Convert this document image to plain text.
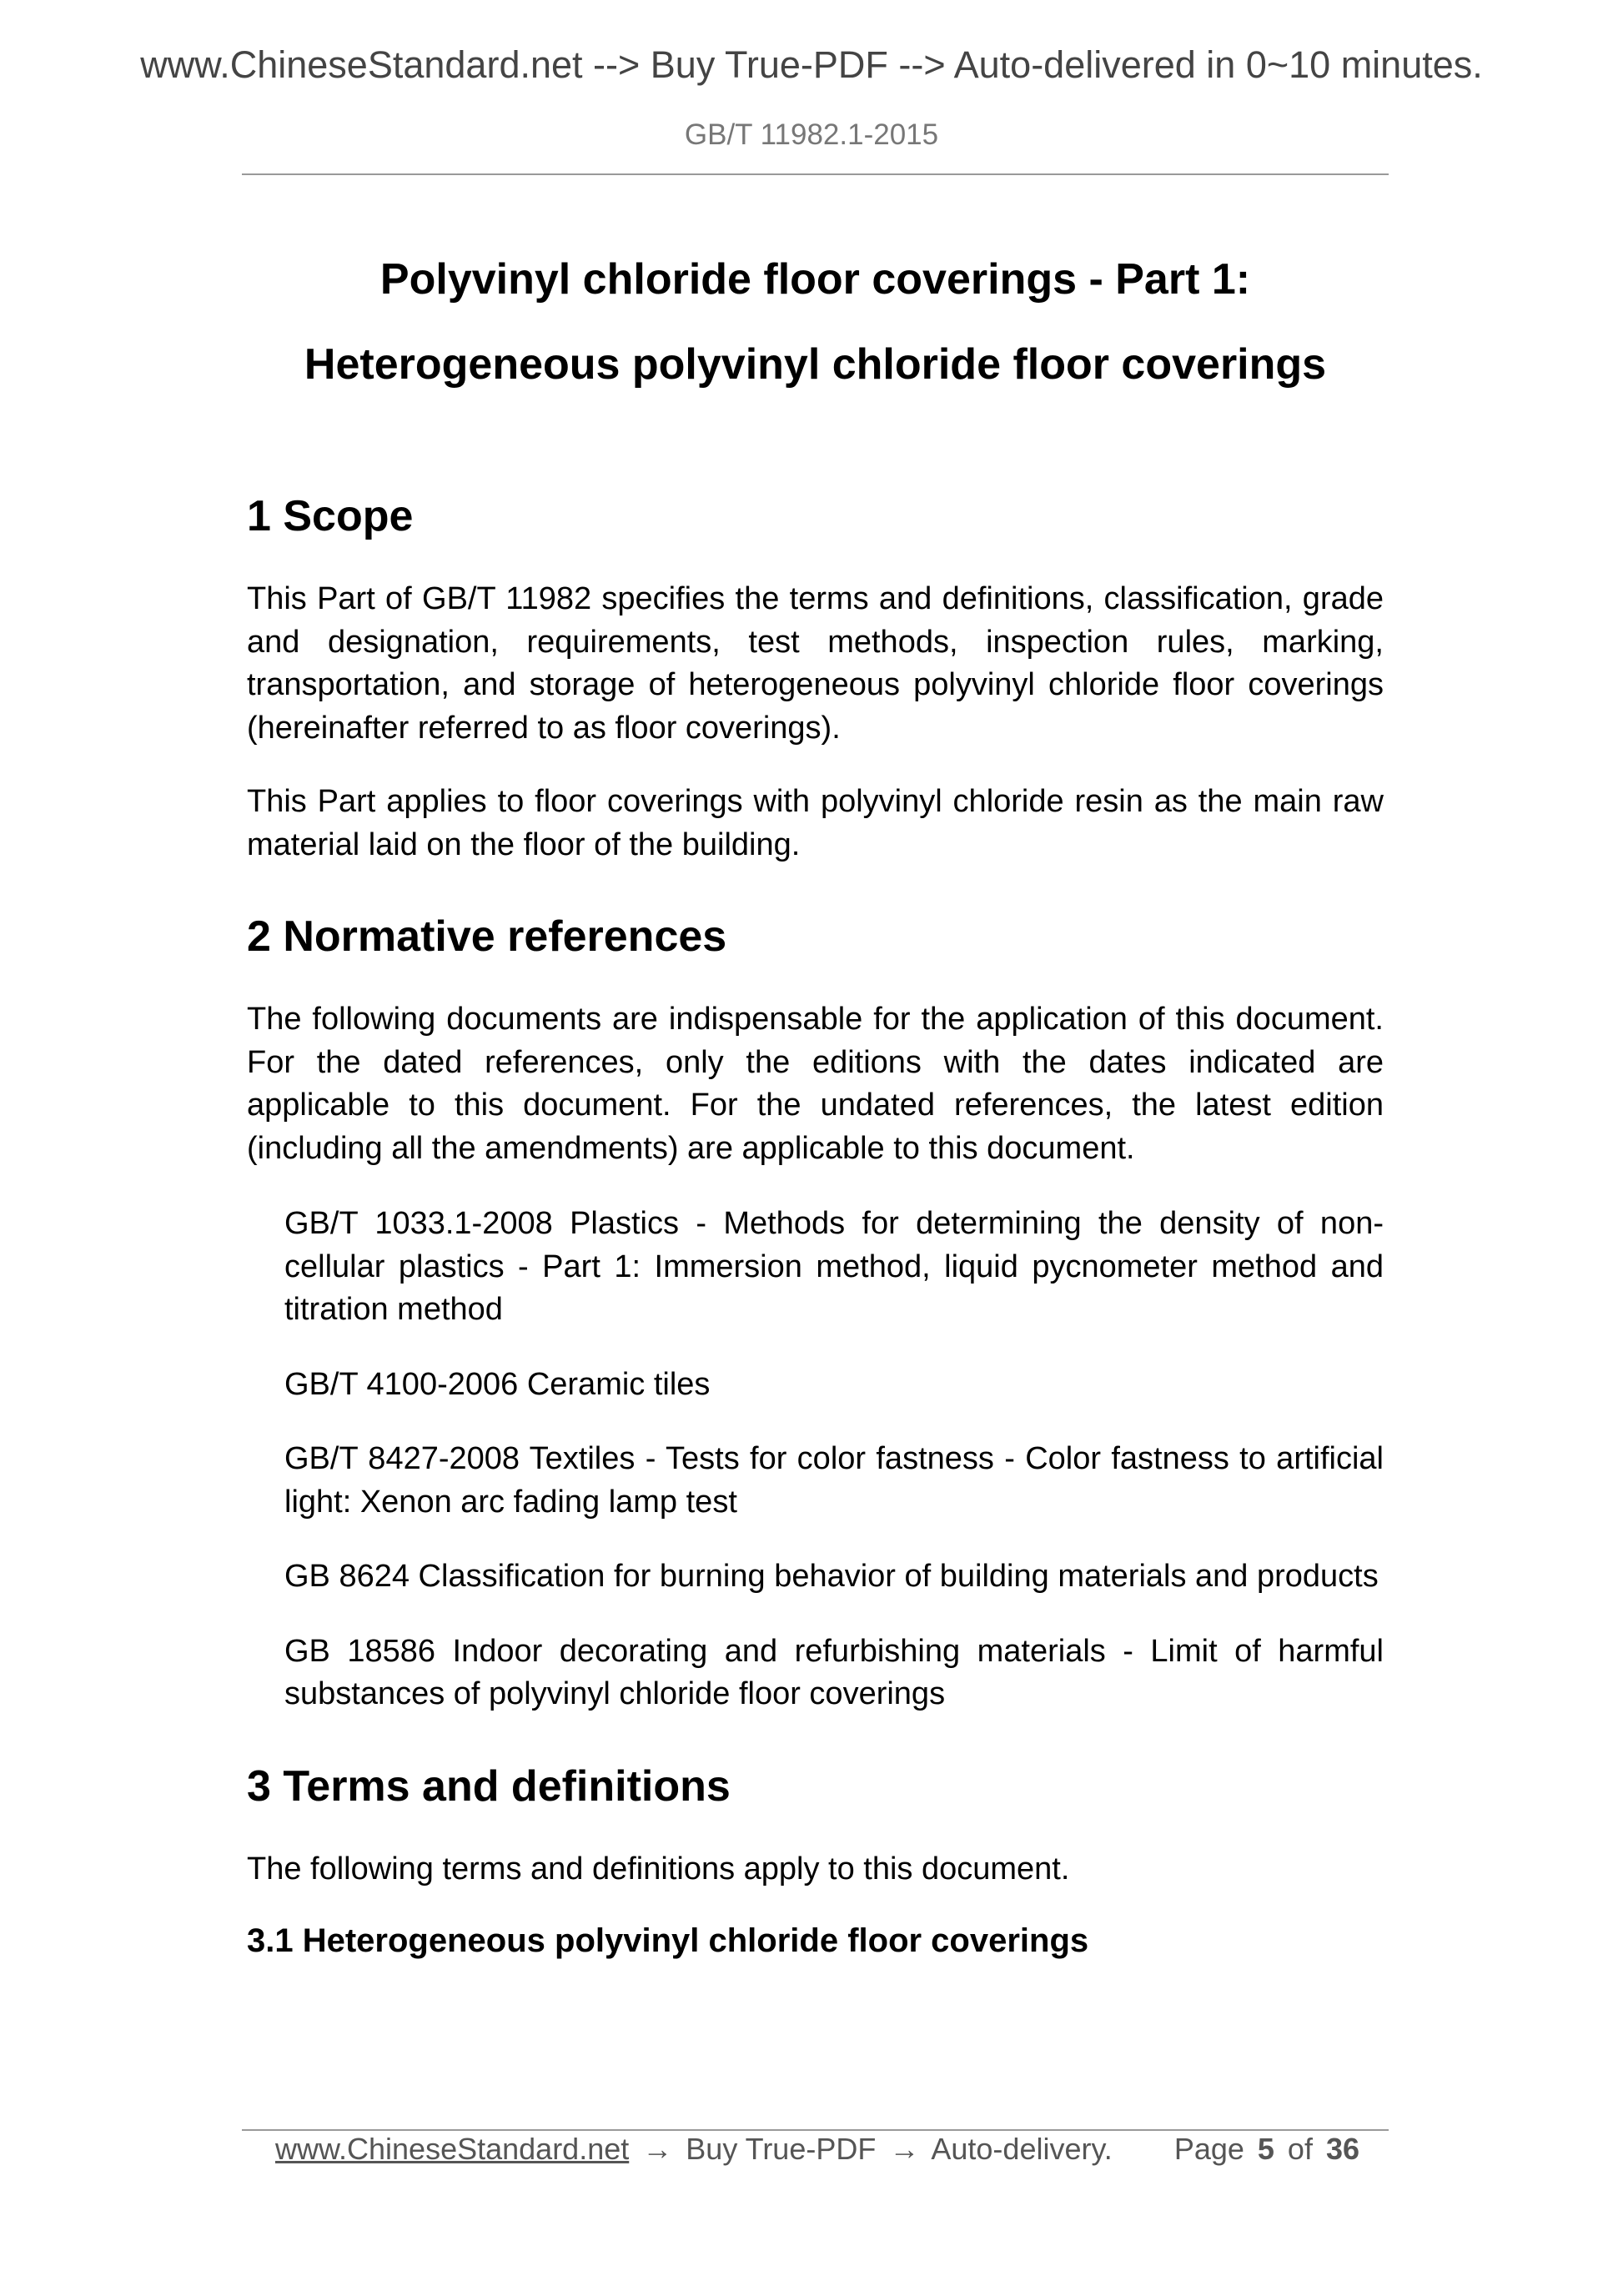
www.ChineseStandard.net --> Buy True-PDF --> Auto-delivered in 0~10 minutes.
GB/T 11982.1-2015
Polyvinyl chloride floor coverings - Part 1:
Heterogeneous polyvinyl chloride floor coverings
1 Scope

This Part of GB/T 11982 specifies the terms and definitions, classification, grade and designation, requirements, test methods, inspection rules, marking, transportation, and storage of heterogeneous polyvinyl chloride floor coverings (hereinafter referred to as floor coverings).

This Part applies to floor coverings with polyvinyl chloride resin as the main raw material laid on the floor of the building.

2 Normative references

The following documents are indispensable for the application of this document. For the dated references, only the editions with the dates indicated are applicable to this document. For the undated references, the latest edition (including all the amendments) are applicable to this document.

GB/T 1033.1-2008 Plastics - Methods for determining the density of non-cellular plastics - Part 1: Immersion method, liquid pycnometer method and titration method
GB/T 4100-2006 Ceramic tiles
GB/T 8427-2008 Textiles - Tests for color fastness - Color fastness to artificial light: Xenon arc fading lamp test
GB 8624 Classification for burning behavior of building materials and products
GB 18586 Indoor decorating and refurbishing materials - Limit of harmful substances of polyvinyl chloride floor coverings
3 Terms and definitions

The following terms and definitions apply to this document.

3.1 Heterogeneous polyvinyl chloride floor coverings
www.ChineseStandard.net → Buy True-PDF → Auto-delivery. Page 5 of 36
